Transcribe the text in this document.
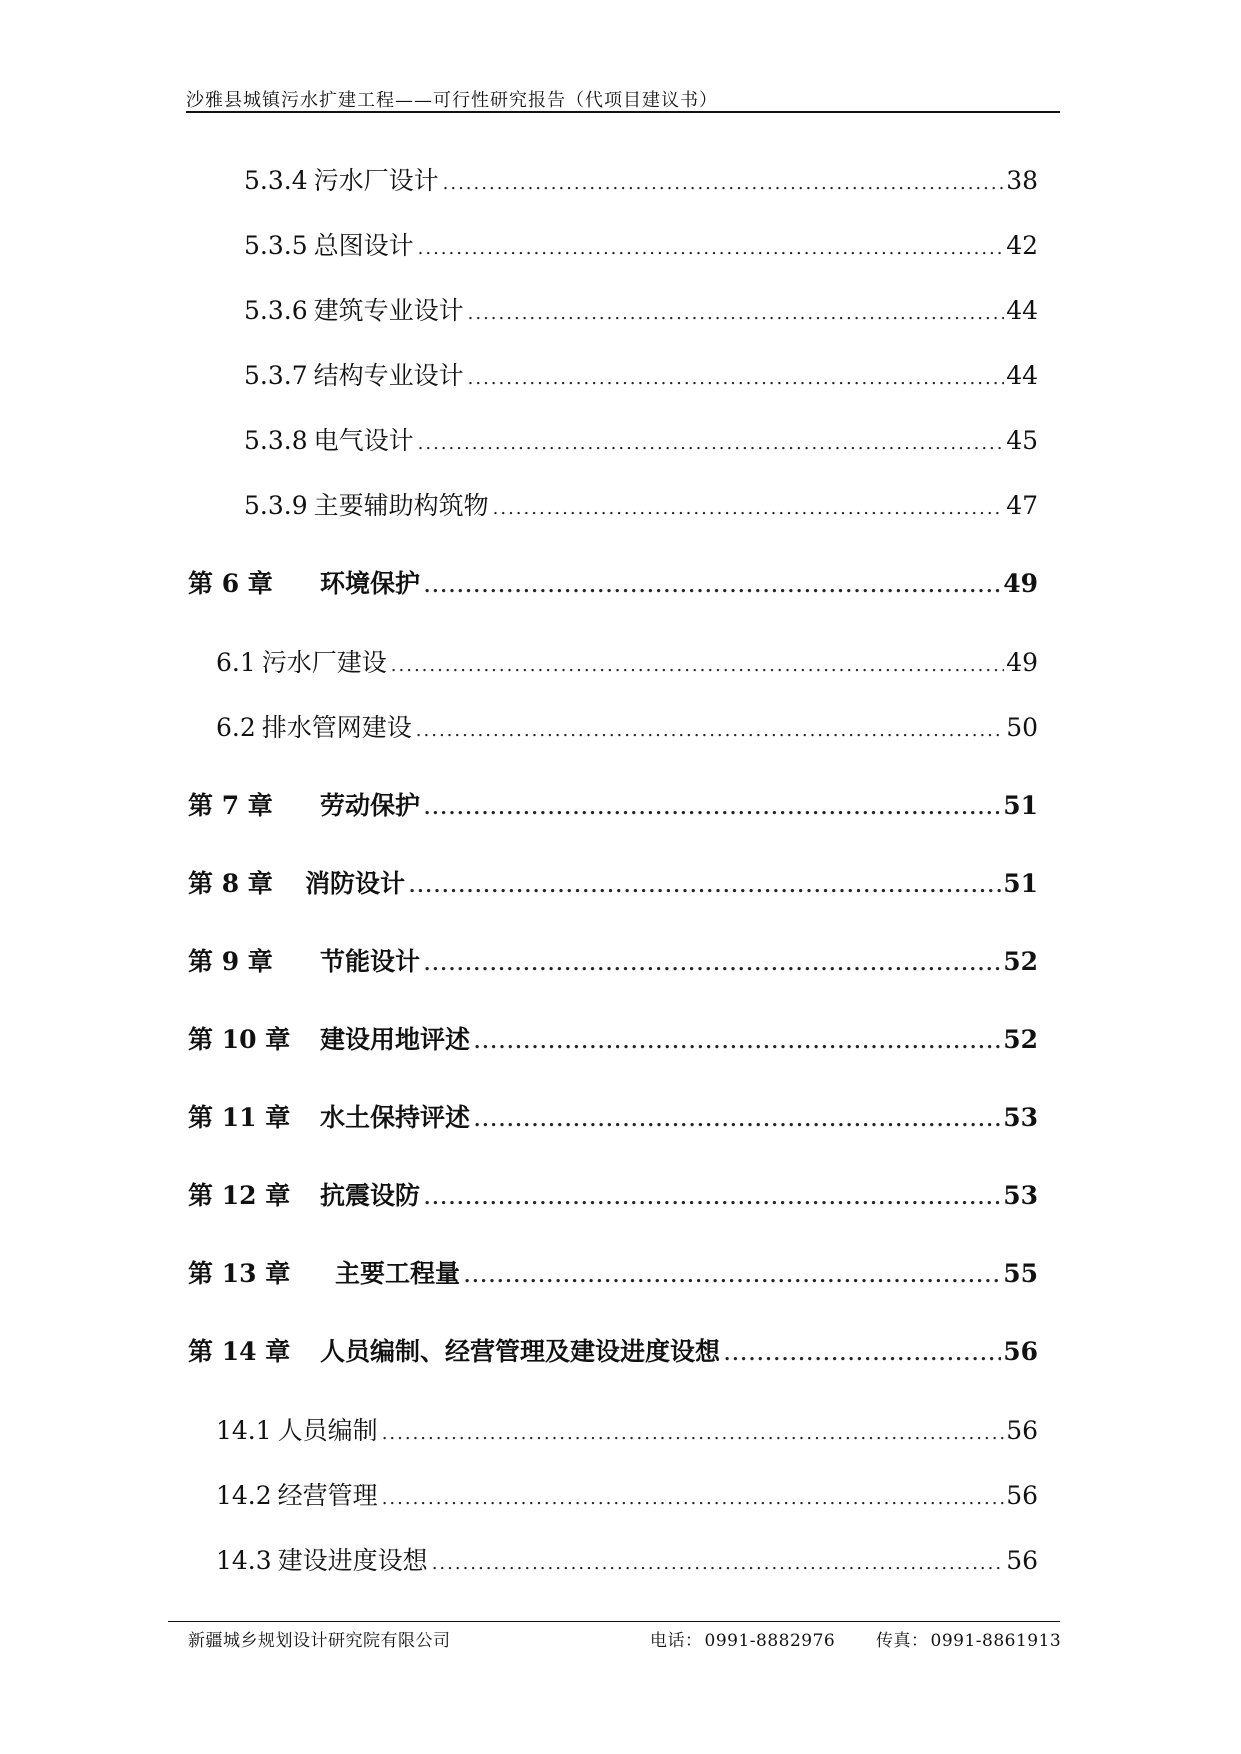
沙雅县城镇污水扩建工程——可行性研究报告（代项目建议书）
5.3.4 污水厂设计 .....	38
5.3.5 总图设计 .....	42
5.3.6 建筑专业设计 .....	44
5.3.7 结构专业设计 .....	44
5.3.8 电气设计 .....	45
5.3.9 主要辅助构筑物 .....	47
第 6 章	环境保护 .....	49
6.1 污水厂建设 .....	49
6.2 排水管网建设 .....	50
第 7 章	劳动保护 .....	51
第 8 章	消防设计 .....	51
第 9 章	节能设计 .....	52
第 10 章	建设用地评述 .....	52
第 11 章	水土保持评述 .....	53
第 12 章	抗震设防 .....	53
第 13 章	主要工程量 .....	55
第 14 章	人员编制、经营管理及建设进度设想 .....	56
14.1 人员编制 .....	56
14.2 经营管理 .....	56
14.3 建设进度设想 .....	56
新疆城乡规划设计研究院有限公司	电话： 0991-8882976 传真： 0991-8861913
